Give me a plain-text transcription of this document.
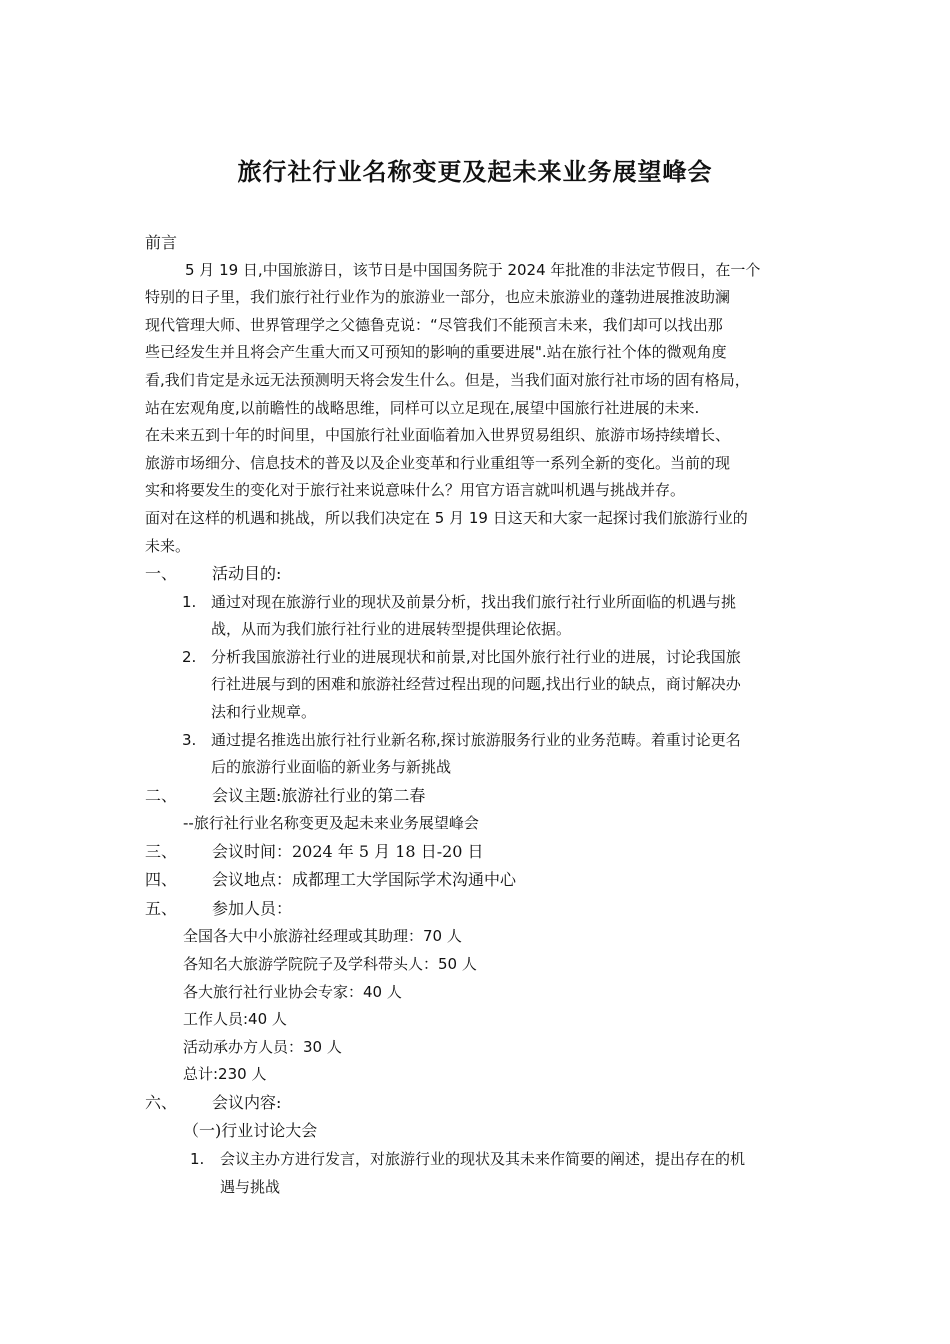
旅行社行业名称变更及起未来业务展望峰会
前言
5 月 19 日,中国旅游日，该节日是中国国务院于 2024 年批准的非法定节假日，在一个
特别的日子里，我们旅行社行业作为的旅游业一部分，也应未旅游业的蓬勃进展推波助澜
现代管理大师、世界管理学之父德鲁克说：“尽管我们不能预言未来，我们却可以找出那
些已经发生并且将会产生重大而又可预知的影响的重要进展".站在旅行社个体的微观角度
看,我们肯定是永远无法预测明天将会发生什么。但是，当我们面对旅行社市场的固有格局，
站在宏观角度,以前瞻性的战略思维，同样可以立足现在,展望中国旅行社进展的未来.
在未来五到十年的时间里，中国旅行社业面临着加入世界贸易组织、旅游市场持续增长、
旅游市场细分、信息技术的普及以及企业变革和行业重组等一系列全新的变化。当前的现
实和将要发生的变化对于旅行社来说意味什么？用官方语言就叫机遇与挑战并存。
面对在这样的机遇和挑战，所以我们决定在 5 月 19 日这天和大家一起探讨我们旅游行业的
未来。
一、 活动目的:
1. 通过对现在旅游行业的现状及前景分析，找出我们旅行社行业所面临的机遇与挑
战，从而为我们旅行社行业的进展转型提供理论依据。
2. 分析我国旅游社行业的进展现状和前景,对比国外旅行社行业的进展，讨论我国旅
行社进展与到的困难和旅游社经营过程出现的问题,找出行业的缺点，商讨解决办
法和行业规章。
3. 通过提名推选出旅行社行业新名称,探讨旅游服务行业的业务范畴。着重讨论更名
后的旅游行业面临的新业务与新挑战
二、 会议主题:旅游社行业的第二春
--旅行社行业名称变更及起未来业务展望峰会
三、 会议时间：2024 年 5 月 18 日-20 日
四、 会议地点：成都理工大学国际学术沟通中心
五、 参加人员：
全国各大中小旅游社经理或其助理：70 人
各知名大旅游学院院子及学科带头人：50 人
各大旅行社行业协会专家：40 人
工作人员:40 人
活动承办方人员：30 人
总计:230 人
六、 会议内容:
（一)行业讨论大会
1. 会议主办方进行发言，对旅游行业的现状及其未来作简要的阐述，提出存在的机
遇与挑战
